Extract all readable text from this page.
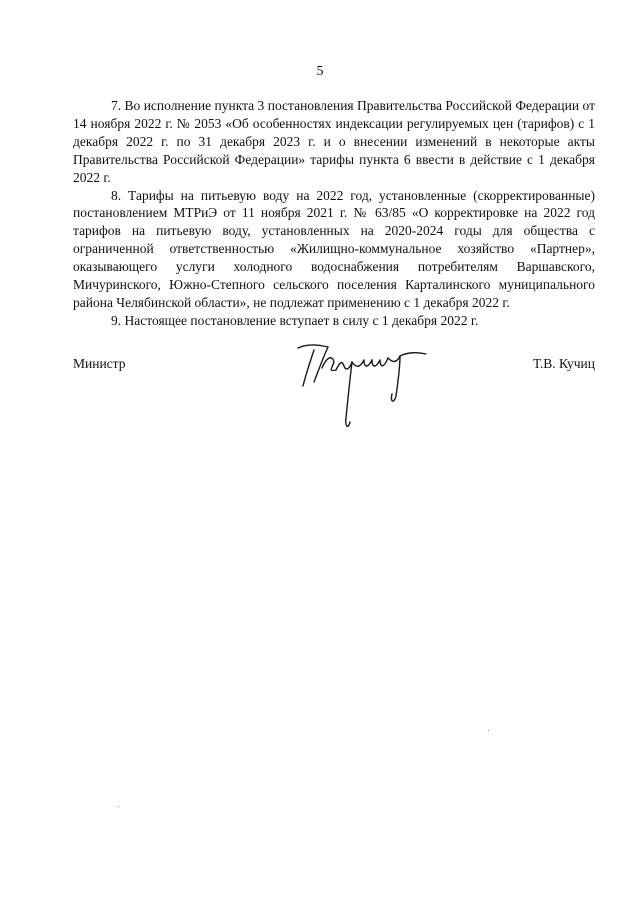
5

7. Во исполнение пункта 3 постановления Правительства Российской Федерации от 14 ноября 2022 г. № 2053 «Об особенностях индексации регулируемых цен (тарифов) с 1 декабря 2022 г. по 31 декабря 2023 г. и о внесении изменений в некоторые акты Правительства Российской Федерации» тарифы пункта 6 ввести в действие с 1 декабря 2022 г.

8. Тарифы на питьевую воду на 2022 год, установленные (скорректированные) постановлением МТРиЭ от 11 ноября 2021 г. № 63/85 «О корректировке на 2022 год тарифов на питьевую воду, установленных на 2020-2024 годы для общества с ограниченной ответственностью «Жилищно-коммунальное хозяйство «Партнер», оказывающего услуги холодного водоснабжения потребителям Варшавского, Мичуринского, Южно-Степного сельского поселения Карталинского муниципального района Челябинской области», не подлежат применению с 1 декабря 2022 г.

9. Настоящее постановление вступает в силу с 1 декабря 2022 г.

Министр	Т.В. Кучиц
